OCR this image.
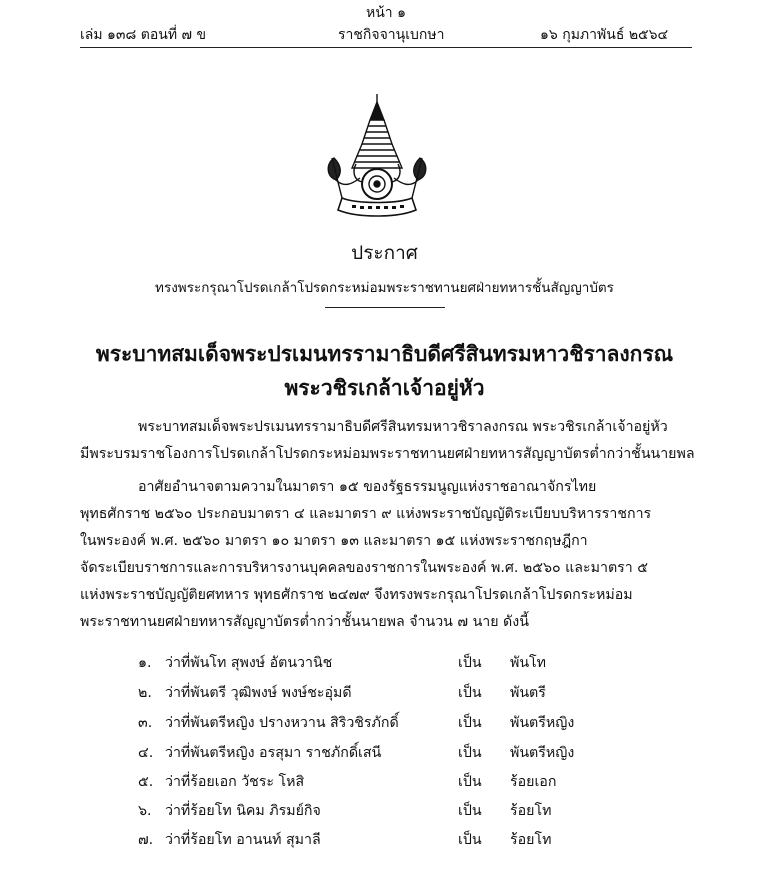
หน้า ๑
เล่ม ๑๓๘ ตอนที่ ๗ ข	ราชกิจจานุเบกษา	๑๖ กุมภาพันธ์ ๒๕๖๔
ประกาศ
ทรงพระกรุณาโปรดเกล้าโปรดกระหม่อมพระราชทานยศฝ่ายทหารชั้นสัญญาบัตร
พระบาทสมเด็จพระปรเมนทรรามาธิบดีศรีสินทรมหาวชิราลงกรณ
พระวชิรเกล้าเจ้าอยู่หัว
พระบาทสมเด็จพระปรเมนทรรามาธิบดีศรีสินทรมหาวชิราลงกรณ พระวชิรเกล้าเจ้าอยู่หัว
มีพระบรมราชโองการโปรดเกล้าโปรดกระหม่อมพระราชทานยศฝ่ายทหารสัญญาบัตรต่ำกว่าชั้นนายพล
อาศัยอำนาจตามความในมาตรา ๑๕ ของรัฐธรรมนูญแห่งราชอาณาจักรไทย
พุทธศักราช ๒๕๖๐ ประกอบมาตรา ๔ และมาตรา ๙ แห่งพระราชบัญญัติระเบียบบริหารราชการ
ในพระองค์ พ.ศ. ๒๕๖๐ มาตรา ๑๐ มาตรา ๑๓ และมาตรา ๑๕ แห่งพระราชกฤษฎีกา
จัดระเบียบราชการและการบริหารงานบุคคลของราชการในพระองค์ พ.ศ. ๒๕๖๐ และมาตรา ๕
แห่งพระราชบัญญัติยศทหาร พุทธศักราช ๒๔๗๙ จึงทรงพระกรุณาโปรดเกล้าโปรดกระหม่อม
พระราชทานยศฝ่ายทหารสัญญาบัตรต่ำกว่าชั้นนายพล จำนวน ๗ นาย ดังนี้
๑. ว่าที่พันโท สุพงษ์ อัตนวานิช	เป็น พันโท
๒. ว่าที่พันตรี วุฒิพงษ์ พงษ์ชะอุ่มดี	เป็น พันตรี
๓. ว่าที่พันตรีหญิง ปรางหวาน สิริวชิรภักดิ์	เป็น พันตรีหญิง
๔. ว่าที่พันตรีหญิง อรสุมา ราชภักดิ์เสนี	เป็น พันตรีหญิง
๕. ว่าที่ร้อยเอก วัชระ โหสิ	เป็น ร้อยเอก
๖. ว่าที่ร้อยโท นิคม ภิรมย์กิจ	เป็น ร้อยโท
๗. ว่าที่ร้อยโท อานนท์ สุมาลี	เป็น ร้อยโท
